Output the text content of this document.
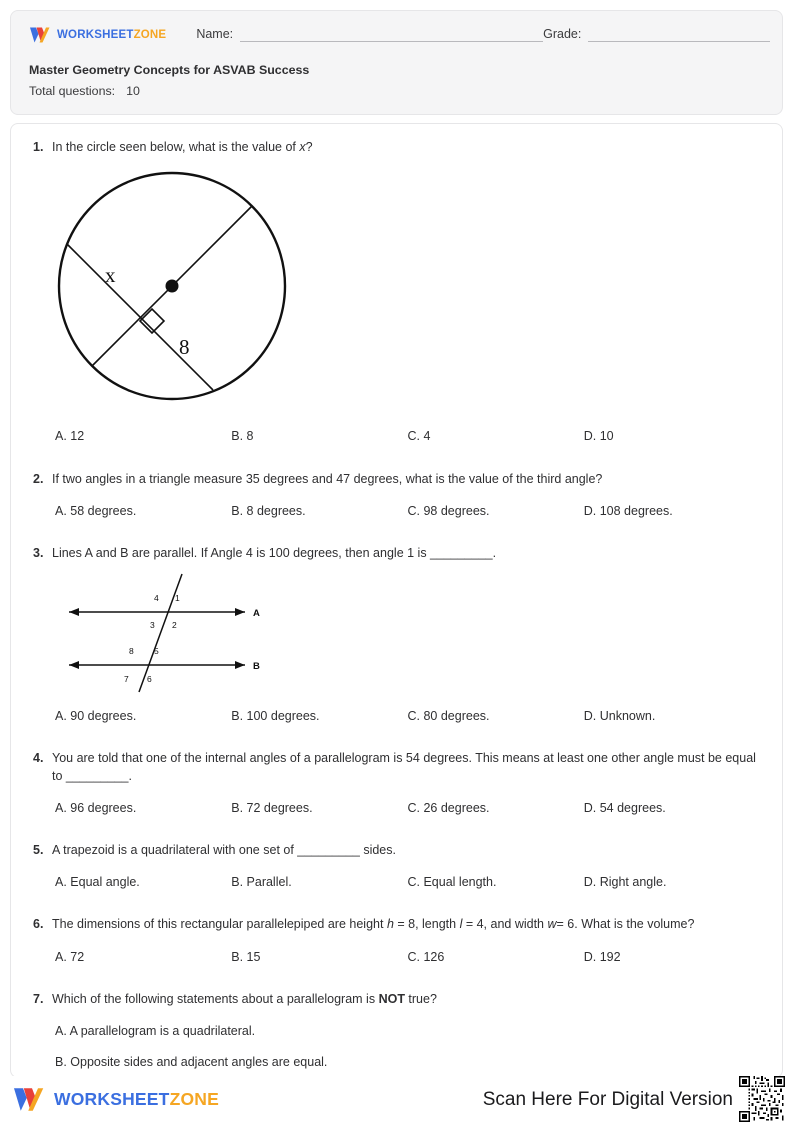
WORKSHEETZONE Name:	Grade:
Master Geometry Concepts for ASVAB Success
Total questions: 10
1. In the circle seen below, what is the value of x?
x
8
A. 12	B. 8	C. 4	D. 10
2. If two angles in a triangle measure 35 degrees and 47 degrees, what is the value of the third angle?
A. 58 degrees.	B. 8 degrees.	C. 98 degrees.	D. 108 degrees.
3. Lines A and B are parallel. If Angle 4 is 100 degrees, then angle 1 is _________.
A
B
4 1
3 2
8 5
7 6
A. 90 degrees.	B. 100 degrees.	C. 80 degrees.	D. Unknown.
4. You are told that one of the internal angles of a parallelogram is 54 degrees. This means at least one other angle must be equal to _________.
A. 96 degrees.	B. 72 degrees.	C. 26 degrees.	D. 54 degrees.
5. A trapezoid is a quadrilateral with one set of _________ sides.
A. Equal angle.	B. Parallel.	C. Equal length.	D. Right angle.
6. The dimensions of this rectangular parallelepiped are height h = 8, length l = 4, and width w= 6. What is the volume?
A. 72	B. 15	C. 126	D. 192
7. Which of the following statements about a parallelogram is NOT true?
A. A parallelogram is a quadrilateral.
B. Opposite sides and adjacent angles are equal.
WORKSHEETZONE	Scan Here For Digital Version
